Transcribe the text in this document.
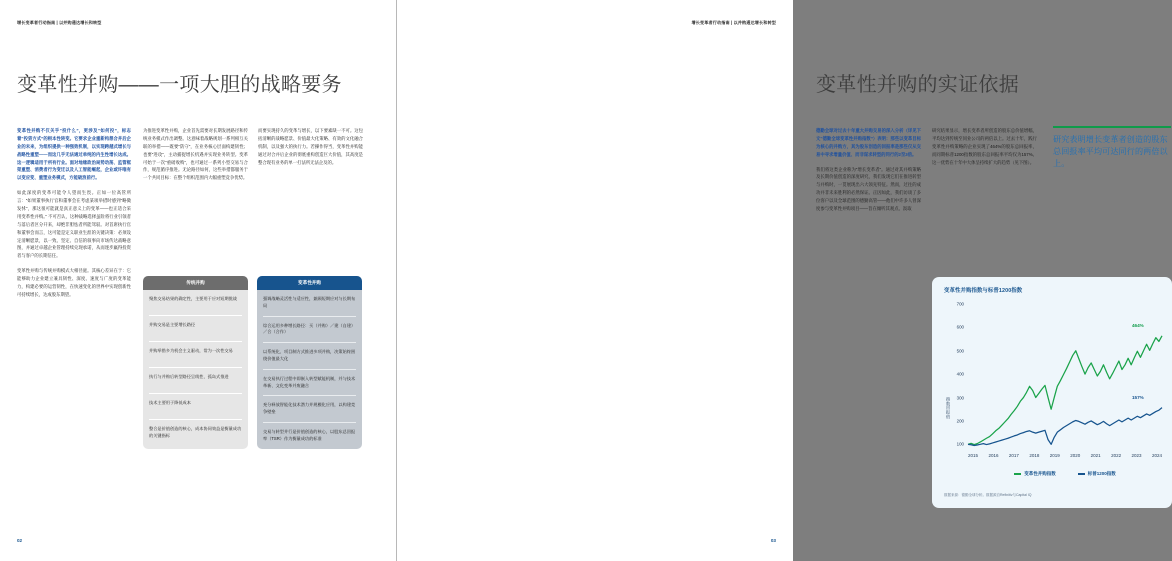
增长变革者行动指南 | 以并购通达增长和转型
变革性并购——一项大胆的战略要务

变革性并购不仅关乎“投什么”，更涉及“如何投”，标志着“投资方式”的根本性转变。它要求企业重新构想合并后企业的未来，为组织提供一种强效机制，以实现跨越式增长与战略性重塑——而这几乎无法通过单纯的内生性增长达成。这一逻辑适用于所有行业。面对地缘政治局势动荡、监管框架重塑、消费者行为变迁以及人工智能崛起，企业或许唯有以变应变、重塑业务模式，方能破浪前行。

如此深度的变革可能令人望而生畏。正如一位高管所言：“如果董事执行官和董事会在考虑某项举措时感到“略微发怵”，那这很可能就是真正意义上的变革——也正适合采用变革性并购。” 不可否认，这种战略选择虽险将行业引领者与落后者区分开来，却绝非胆怯者所能驾驭。对首席执行官和董事会而言，这可能是定义职业生涯的关键决策：必须设定清晰愿景，以一致、坚定、自信的叙事向市场传达战略意图，并通过卓越企业管理持续兑现承诺，从而逐步赢得投资者与客户的长期信任。

变革性并购与传统并购模式大相径庭。其核心差异在于：它能够助力企业建立兼具韧性、深度、速度与广度的变革能力，构建必要的运营韧性，在快速变化的世界中实现创新性可持续增长，达成股东期望。

为推进变革性并购，企业首先需要对长期发展路径和传统业务模式作出调整。这意味着战略规划一系列相互关联的举措——既要“防守”，在业务核心层面构建韧性；也要“进攻”，主动捕捉增长机遇并实现业务转型。变革可始于一次“重磅收购”，也可通过一系列小型交易与合作，规范循序推进。无论路径如何，这些举措都服务于一个共同目标：在整个组织范围内大幅重塑竞争优势。

而要实现持久的变革与增长，以下要素缺一不可。这包括清晰的战略愿景、价值最大化策略、有效的文化融合机制，以及强大的执行力。若操作得当，变革性并购能通过对合并后企业的彻底重构创造巨大价值，其高度是整合现有业务的单一打法所无法企及的。

传统并购
聚焦交易结果的确定性，主要用于应对短期挑战
并购交易是主要增长路径
并购举措多为机会主义驱动，常为一次性交易
执行与并购后转型路径呈线性、孤岛式推进
技术主要用于降低成本
整合是价值创造的核心，成本协同效益是衡量成功的关键指标
变革性并购
强调战略灵活性与适应性，兼顾短期应对与长期布局
综合运用多种增长路径：买（并购）／建（自建）／合（合作）
以系统化、项目制方式推进多项并购，决策始终围绕价值最大化
在交易执行过程中即嵌入转型赋能机制，并与技术革新、文化变革并废融合
充分释放智能化技术潜力并规模化应用，以构建竞争壁垒
交易与转型并行是价值创造的核心，以股东总回报率（TSR）作为衡量成功的标准
02
增长变革者行动指南 | 以并购通达增长和转型
变革性并购的实证依据

德勤全球对过去十年重大并购交易的深入分析（详见下文“德勤全球变革性并购指数”）表明：那些以变革目标为核心的并购方，其为股东创造的回报率是那些仅从交易中寻求增量价值、而非谋求转型的同行的2至3倍。

我们将这类企业称为“增长变革者”。通过对其并购策略及长期价值创造的深度研究，我们发现它们在推进转型与并购时，一贯展现出六大领先特征。然而，过往的成功并非未来胜利的必然保证。正因如此，我们访谈了多位客户以及全球范围的德勤高管——他们中许多人曾深度参与变革性并购项目——旨在倾听其观点、汲取

研究结果显示，增长变革者所创造的股东总价值增幅，平均达到传统至同业公司的两倍以上。过去十年，践行变革性并购策略的企业实现了464%的股东总回报率，而同期标普1200指数的股东总回报率平均仅为157%。这一优势在十年中大体呈持续扩大的趋势（见下图）。

研究表明增长变革者创造的股东总回报率平均可达同行的两倍以上。
变革性并购指数与标普1200指数
指数回报值
100
200
300
400
500
600
700
2015 2016 2017 2018 2019 2020 2021 2022 2023 2024
变革性并购指数	标普1200指数
464%
157%
数据来源：德勤全球分析。数据源自Refinitiv与Capital IQ
03
